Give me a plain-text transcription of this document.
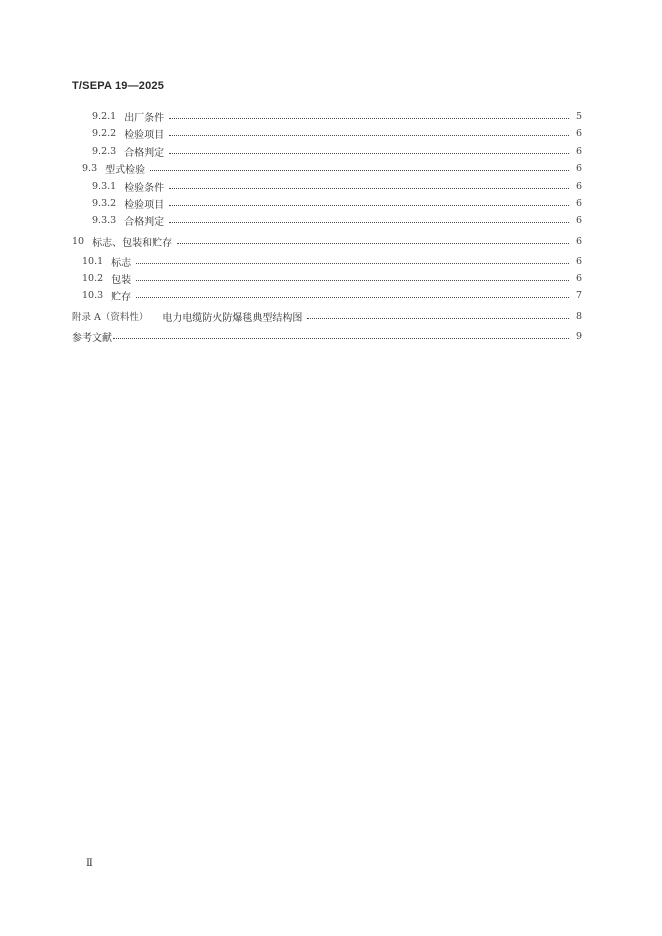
T/SEPA 19—2025
9.2.1 出厂条件	5
9.2.2 检验项目	6
9.2.3 合格判定	6
9.3 型式检验	6
9.3.1 检验条件	6
9.3.2 检验项目	6
9.3.3 合格判定	6
10 标志、包装和贮存	6
10.1 标志	6
10.2 包装	6
10.3 贮存	7
附录 A（资料性） 电力电缆防火防爆毯典型结构图	8
参考文献	9
Ⅱ
